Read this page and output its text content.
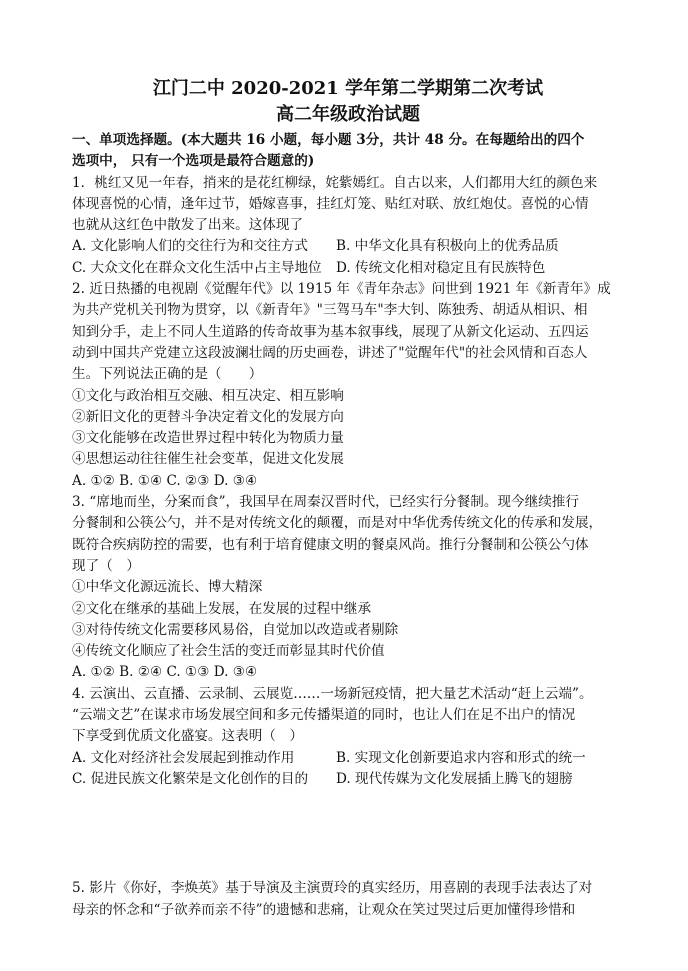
江门二中 2020-2021 学年第二学期第二次考试
高二年级政治试题
一、单项选择题。(本大题共 16 小题，每小题 3分，共计 48 分。在每题给出的四个
选项中， 只有一个选项是最符合题意的)
1．桃红又见一年春，捎来的是花红柳绿，姹紫嫣红。自古以来，人们都用大红的颜色来
体现喜悦的心情，逢年过节，婚嫁喜事，挂红灯笼、贴红对联、放红炮仗。喜悦的心情
也就从这红色中散发了出来。这体现了
A. 文化影响人们的交往行为和交往方式	B. 中华文化具有积极向上的优秀品质
C. 大众文化在群众文化生活中占主导地位	D. 传统文化相对稳定且有民族特色
2. 近日热播的电视剧《觉醒年代》以 1915 年《青年杂志》问世到 1921 年《新青年》成
为共产党机关刊物为贯穿，以《新青年》"三驾马车"李大钊、陈独秀、胡适从相识、相
知到分手，走上不同人生道路的传奇故事为基本叙事线，展现了从新文化运动、五四运
动到中国共产党建立这段波澜壮阔的历史画卷，讲述了"觉醒年代"的社会风情和百态人
生。下列说法正确的是（　　）
①文化与政治相互交融、相互决定、相互影响
②新旧文化的更替斗争决定着文化的发展方向
③文化能够在改造世界过程中转化为物质力量
④思想运动往往催生社会变革，促进文化发展
A. ①② B. ①④ C. ②③ D. ③④
3. “席地而坐，分案而食”，我国早在周秦汉晋时代，已经实行分餐制。现今继续推行
分餐制和公筷公勺，并不是对传统文化的颠覆，而是对中华优秀传统文化的传承和发展，
既符合疾病防控的需要，也有利于培育健康文明的餐桌风尚。推行分餐制和公筷公勺体
现了（　）
①中华文化源远流长、博大精深
②文化在继承的基础上发展，在发展的过程中继承
③对待传统文化需要移风易俗，自觉加以改造或者剔除
④传统文化顺应了社会生活的变迁而彰显其时代价值
A. ①② B. ②④ C. ①③ D. ③④
4. 云演出、云直播、云录制、云展览……一场新冠疫情，把大量艺术活动“赶上云端”。
“云端文艺”在谋求市场发展空间和多元传播渠道的同时，也让人们在足不出户的情况
下享受到优质文化盛宴。这表明（　）
A. 文化对经济社会发展起到推动作用	B. 实现文化创新要追求内容和形式的统一
C. 促进民族文化繁荣是文化创作的目的	D. 现代传媒为文化发展插上腾飞的翅膀
5. 影片《你好，李焕英》基于导演及主演贾玲的真实经历，用喜剧的表现手法表达了对
母亲的怀念和“子欲养而亲不待”的遗憾和悲痛，让观众在笑过哭过后更加懂得珍惜和
